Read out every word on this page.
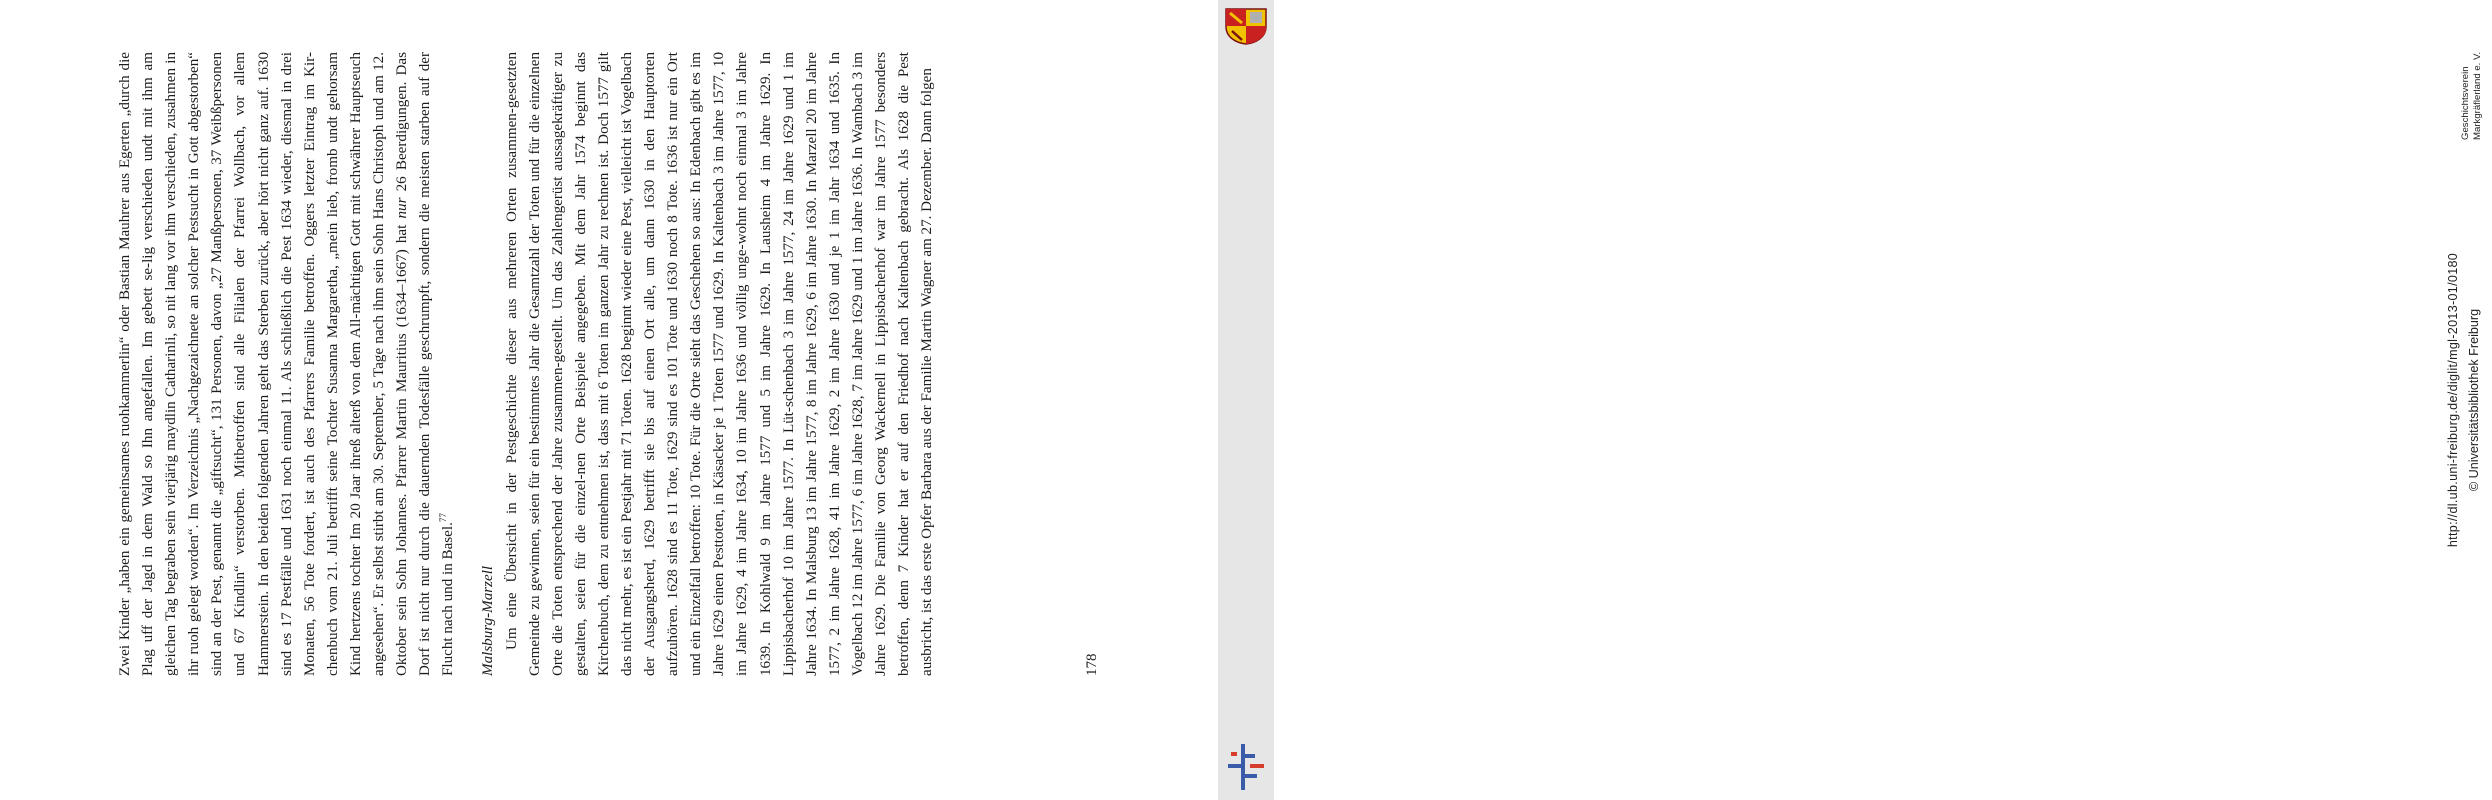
Zwei Kinder „haben ein gemeinsames ruohkammerlin“ oder Bastian Mauhrer aus Egerten „durch die Plag uff der Jagd in dem Wald so Ihn angefallen. Im gebett se-lig verschieden undt mit ihm am gleichen Tag begraben sein vierjärig maydlin Catharinli, so nit lang vor ihm verschieden, zusahmen in ihr ruoh gelegt worden“. Im Verzeichnis „Nachgezaichnete an solcher Pestsucht in Gott abgestorben“ sind an der Pest, genannt die „giftsucht“, 131 Personen, davon „27 Manßpersonen, 37 Weibßpersonen und 67 Kindlin“ verstorben. Mitbetroffen sind alle Filialen der Pfarrei Wollbach, vor allem Hammerstein. In den beiden folgenden Jahren geht das Sterben zurück, aber hört nicht ganz auf. 1630 sind es 17 Pestfälle und 1631 noch einmal 11. Als schließlich die Pest 1634 wieder, diesmal in drei Monaten, 56 Tote fordert, ist auch des Pfarrers Familie betroffen. Oggers letzter Eintrag im Kir-chenbuch vom 21. Juli betrifft seine Tochter Susanna Margaretha, „mein lieb, fromb undt gehorsam Kind hertzens tochter Im 20 Jaar ihreß alterß von dem All-mächtigen Gott mit schwährer Hauptseuch angesehen“. Er selbst stirbt am 30. September, 5 Tage nach ihm sein Sohn Hans Christoph und am 12. Oktober sein Sohn Johannes. Pfarrer Martin Mauritius (1634–1667) hat nur 26 Beerdigungen. Das Dorf ist nicht nur durch die dauernden Todesfälle geschrumpft, sondern die meisten starben auf der Flucht nach und in Basel.$^{77}$

Malsburg-Marzell Um eine Übersicht in der Pestgeschichte dieser aus mehreren Orten zusammen-gesetzten Gemeinde zu gewinnen, seien für ein bestimmtes Jahr die Gesamtzahl der Toten und für die einzelnen Orte die Toten entsprechend der Jahre zusammen-gestellt. Um das Zahlengerüst aussagekräftiger zu gestalten, seien für die einzel-nen Orte Beispiele angegeben. Mit dem Jahr 1574 beginnt das Kirchenbuch, dem zu entnehmen ist, dass mit 6 Toten im ganzen Jahr zu rechnen ist. Doch 1577 gilt das nicht mehr, es ist ein Pestjahr mit 71 Toten. 1628 beginnt wieder eine Pest, vielleicht ist Vogelbach der Ausgangsherd, 1629 betrifft sie bis auf einen Ort alle, um dann 1630 in den Hauptorten aufzuhören. 1628 sind es 11 Tote, 1629 sind es 101 Tote und 1630 noch 8 Tote. 1636 ist nur ein Ort und ein Einzelfall betroffen: 10 Tote. Für die Orte sieht das Geschehen so aus: In Edenbach gibt es im Jahre 1629 einen Pesttoten, in Käsacker je 1 Toten 1577 und 1629. In Kaltenbach 3 im Jahre 1577, 10 im Jahre 1629, 4 im Jahre 1634, 10 im Jahre 1636 und völlig unge-wohnt noch einmal 3 im Jahre 1639. In Kohlwald 9 im Jahre 1577 und 5 im Jahre 1629. In Lausheim 4 im Jahre 1629. In Lippisbacherhof 10 im Jahre 1577. In Lüt-schenbach 3 im Jahre 1577, 24 im Jahre 1629 und 1 im Jahre 1634. In Malsburg 13 im Jahre 1577, 8 im Jahre 1629, 6 im Jahre 1630. In Marzell 20 im Jahre 1577, 2 im Jahre 1628, 41 im Jahre 1629, 2 im Jahre 1630 und je 1 im Jahr 1634 und 1635. In Vogelbach 12 im Jahre 1577, 6 im Jahre 1628, 7 im Jahre 1629 und 1 im Jahre 1636. In Wambach 3 im Jahre 1629. Die Familie von Georg Wackernell in Lippisbacherhof war im Jahre 1577 besonders betroffen, denn 7 Kinder hat er auf den Friedhof nach Kaltenbach gebracht. Als 1628 die Pest ausbricht, ist das erste Opfer Barbara aus der Familie Martin Wagner am 27. Dezember. Dann folgen	178
http://dl.ub.uni-freiburg.de/diglit/mgl-2013-01/0180 © Universitätsbibliothek Freiburg
Geschichtsverein Markgräflerland e. V.
